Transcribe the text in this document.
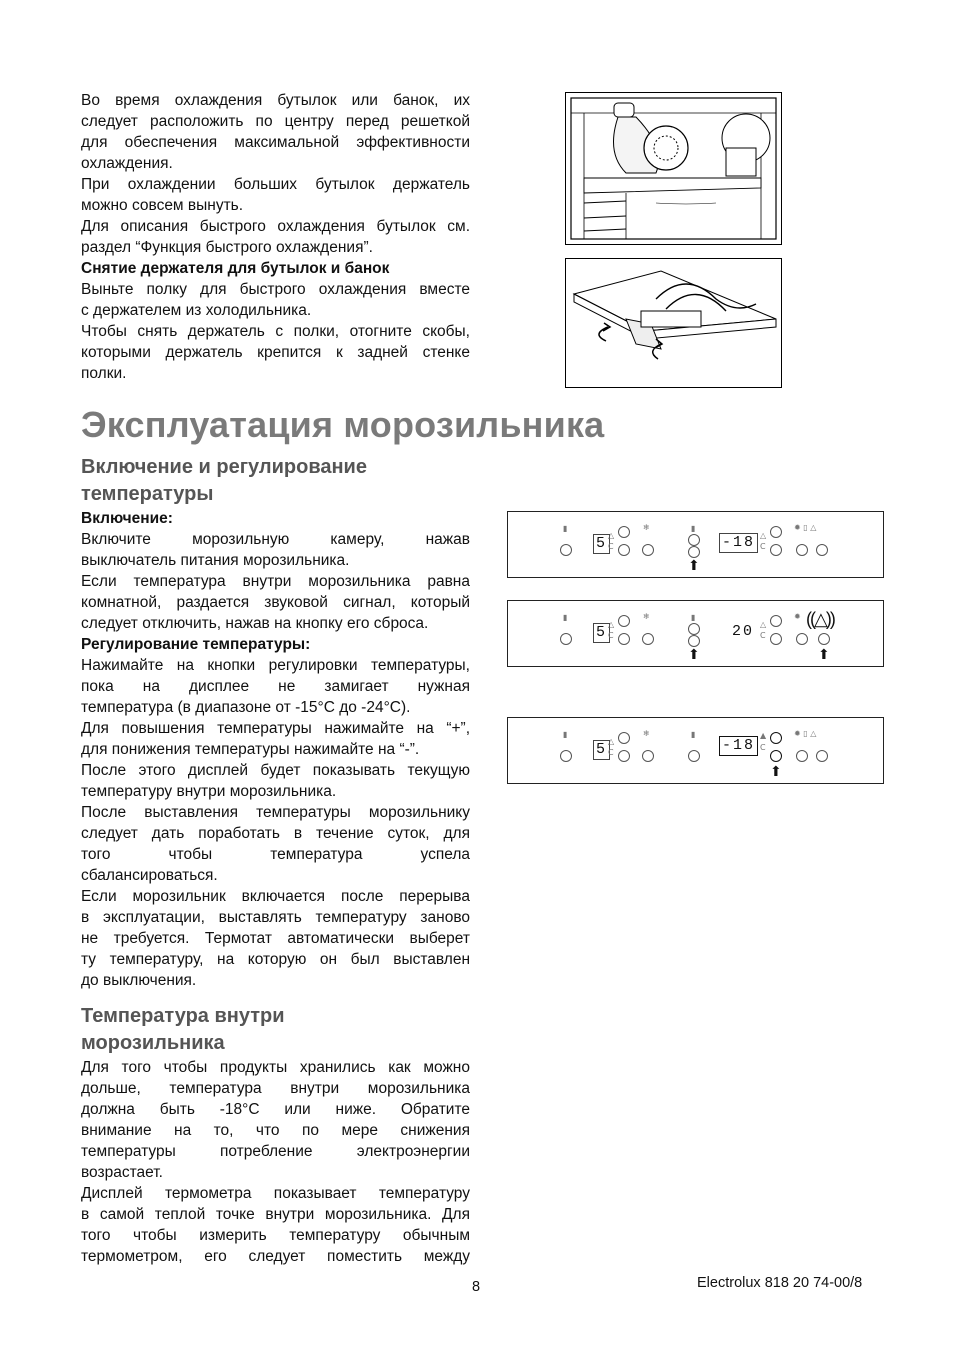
Во время охлаждения бутылок или банок, их
следует расположить по центру перед решеткой
для обеспечения максимальной эффективности
охлаждения.
При охлаждении больших бутылок держатель
можно совсем вынуть.
Для описания быстрого охлаждения бутылок см.
раздел “Функция быстрого охлаждения”.
Снятие держателя для бутылок и банок
Выньте полку для быстрого охлаждения вместе
с держателем из холодильника.
Чтобы снять держатель с полки, отогните скобы,
которыми держатель крепится к задней стенке
полки.
Эксплуатация морозильника
Включение и регулирование
температуры
Включение:
Включите морозильную камеру, нажав
выключатель питания морозильника.
Если температура внутри морозильника равна
комнатной, раздается звуковой сигнал, который
следует отключить, нажав на кнопку его сброса.
Регулирование температуры:
Нажимайте на кнопки регулировки температуры,
пока на дисплее не замигает нужная
температура (в диапазоне от -15°C до -24°C).
Для повышения температуры нажимайте на “+”,
для понижения температуры нажимайте на “-”.
После этого дисплей будет показывать текущую
температуру внутри морозильника.
После выставления температуры морозильнику
следует дать поработать в течение суток, для
того чтобы температура успела
сбалансироваться.
Если морозильник включается после перерыва
в эксплуатации, выставлять температуру заново
не требуется. Термотат автоматически выберет
ту температуру, на которую он был выставлен
до выключения.
Температура внутри
морозильника
Для того чтобы продукты хранились как можно
дольше, температура внутри морозильника
должна быть -18°C или ниже. Обратите
внимание на то, что по мере снижения
температуры потребление электроэнергии
возрастает.
Дисплей термометра показывает температуру
в самой теплой точке внутри морозильника. Для
того чтобы измерить температуру обычным
термометром, его следует поместить между
▮
5 △
C
❄	▮
⬆
-18 △
C
✹ ▯ △
▮
5 △
C
❄	▮
⬆
20 △
C
✹ ((△))
⬆
▮
5 △
C
❄	▮
-18
▲
C
⬆
✹ ▯ △
8	Electrolux 818 20 74-00/8
